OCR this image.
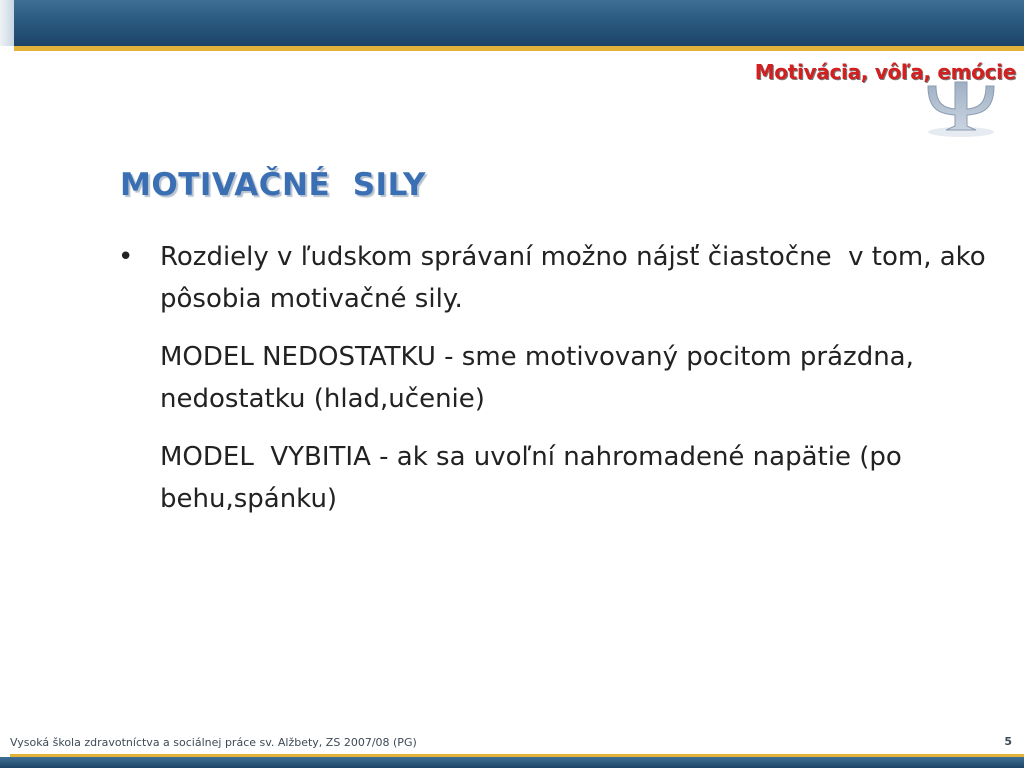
Motivácia, vôľa, emócie
MOTIVAČNÉ  SILY
•	Rozdiely v ľudskom správaní možno nájsť čiastočne  v tom, ako pôsobia motivačné sily.

MODEL NEDOSTATKU - sme motivovaný pocitom prázdna, nedostatku (hlad,učenie)

MODEL  VYBITIA - ak sa uvoľní nahromadené napätie (po behu,spánku)

Vysoká škola zdravotníctva a sociálnej práce sv. Alžbety, ZS 2007/08 (PG)	5
